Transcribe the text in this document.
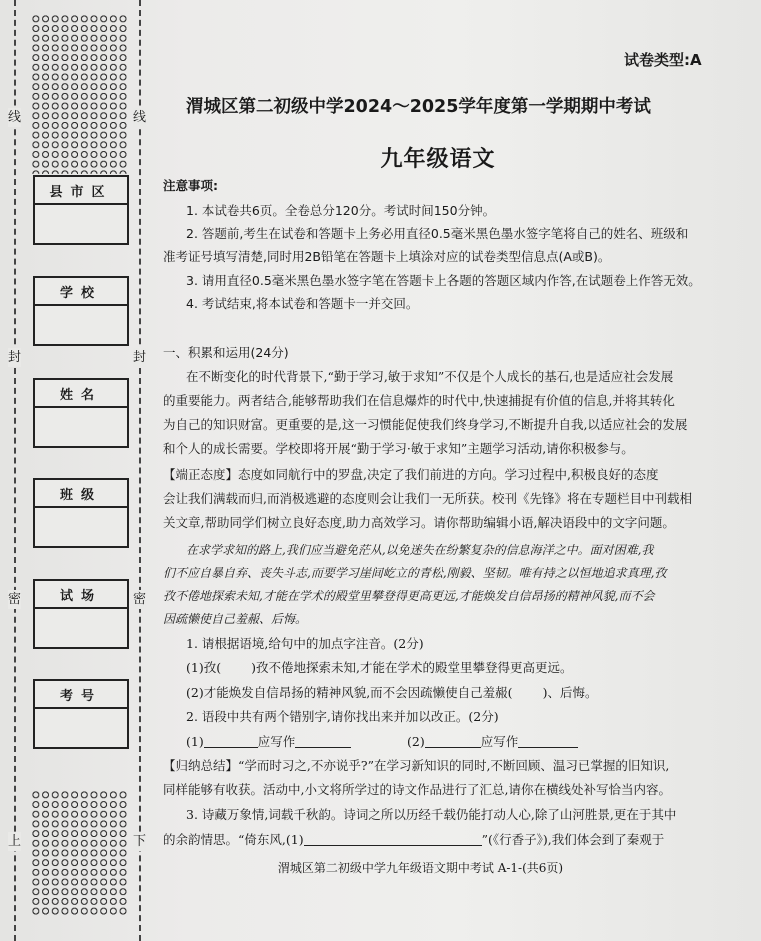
线
封
密
上
线
封
密
下
县市区
学校
姓名
班级
试场
考号
试卷类型:A
渭城区第二初级中学2024～2025学年度第一学期期中考试
九年级语文
注意事项:
1. 本试卷共6页。全卷总分120分。考试时间150分钟。
2. 答题前,考生在试卷和答题卡上务必用直径0.5毫米黑色墨水签字笔将自己的姓名、班级和
准考证号填写清楚,同时用2B铅笔在答题卡上填涂对应的试卷类型信息点(A或B)。
3. 请用直径0.5毫米黑色墨水签字笔在答题卡上各题的答题区域内作答,在试题卷上作答无效。
4. 考试结束,将本试卷和答题卡一并交回。
一、积累和运用(24分)
在不断变化的时代背景下,“勤于学习,敏于求知”不仅是个人成长的基石,也是适应社会发展
的重要能力。两者结合,能够帮助我们在信息爆炸的时代中,快速捕捉有价值的信息,并将其转化
为自己的知识财富。更重要的是,这一习惯能促使我们终身学习,不断提升自我,以适应社会的发展
和个人的成长需要。学校即将开展“勤于学习·敏于求知”主题学习活动,请你积极参与。
【端正态度】态度如同航行中的罗盘,决定了我们前进的方向。学习过程中,积极良好的态度
会让我们满载而归,而消极逃避的态度则会让我们一无所获。校刊《先锋》将在专题栏目中刊载相
关文章,帮助同学们树立良好态度,助力高效学习。请你帮助编辑小语,解决语段中的文字问题。
在求学求知的路上,我们应当避免茫从,以免迷失在纷繁复杂的信息海洋之中。面对困难,我
们不应自暴自弃、丧失斗志,而要学习崖间屹立的青松,刚毅、坚韧。唯有持之以恒地追求真理,孜
孜不倦地探索未知,才能在学术的殿堂里攀登得更高更远,才能焕发自信昂扬的精神风貌,而不会
因疏懒使自己羞赧、后悔。
1. 请根据语境,给句中的加点字注音。(2分)
(1)孜( )孜不倦地探索未知,才能在学术的殿堂里攀登得更高更远。
(2)才能焕发自信昂扬的精神风貌,而不会因疏懒使自己羞赧( )、后悔。
2. 语段中共有两个错别字,请你找出来并加以改正。(2分)
(1)	应写作	(2)	应写作
【归纳总结】“学而时习之,不亦说乎?”在学习新知识的同时,不断回顾、温习已掌握的旧知识,
同样能够有收获。活动中,小文将所学过的诗文作品进行了汇总,请你在横线处补写恰当内容。
3. 诗藏万象情,词载千秋韵。诗词之所以历经千载仍能打动人心,除了山河胜景,更在于其中
的余韵情思。“倚东风,(1)	”(《行香子》),我们体会到了秦观于
渭城区第二初级中学九年级语文期中考试 A-1-(共6页)
